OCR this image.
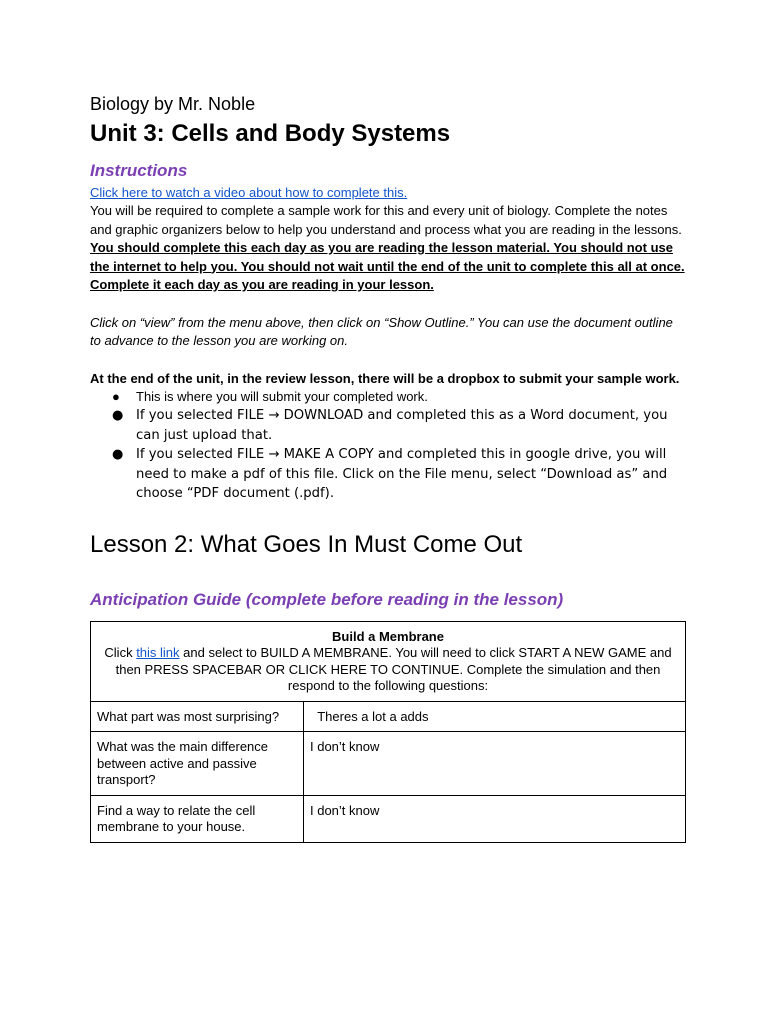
Biology by Mr. Noble

Unit 3: Cells and Body Systems
Instructions
Click here to watch a video about how to complete this.

You will be required to complete a sample work for this and every unit of biology. Complete the notes and graphic organizers below to help you understand and process what you are reading in the lessons. You should complete this each day as you are reading the lesson material. You should not use the internet to help you. You should not wait until the end of the unit to complete this all at once. Complete it each day as you are reading in your lesson.

Click on “view” from the menu above, then click on “Show Outline.” You can use the document outline to advance to the lesson you are working on.

At the end of the unit, in the review lesson, there will be a dropbox to submit your sample work.

● This is where you will submit your completed work.
● If you selected FILE → DOWNLOAD and completed this as a Word document, you can just upload that.
● If you selected FILE → MAKE A COPY and completed this in google drive, you will need to make a pdf of this file. Click on the File menu, select “Download as” and choose “PDF document (.pdf).
Lesson 2: What Goes In Must Come Out
Anticipation Guide (complete before reading in the lesson)
Build a Membrane
Click this link and select to BUILD A MEMBRANE. You will need to click START A NEW GAME and then PRESS SPACEBAR OR CLICK HERE TO CONTINUE. Complete the simulation and then respond to the following questions:	
What part was most surprising?	Theres a lot a adds
What was the main difference between active and passive transport?	I don’t know
Find a way to relate the cell membrane to your house.	I don’t know
